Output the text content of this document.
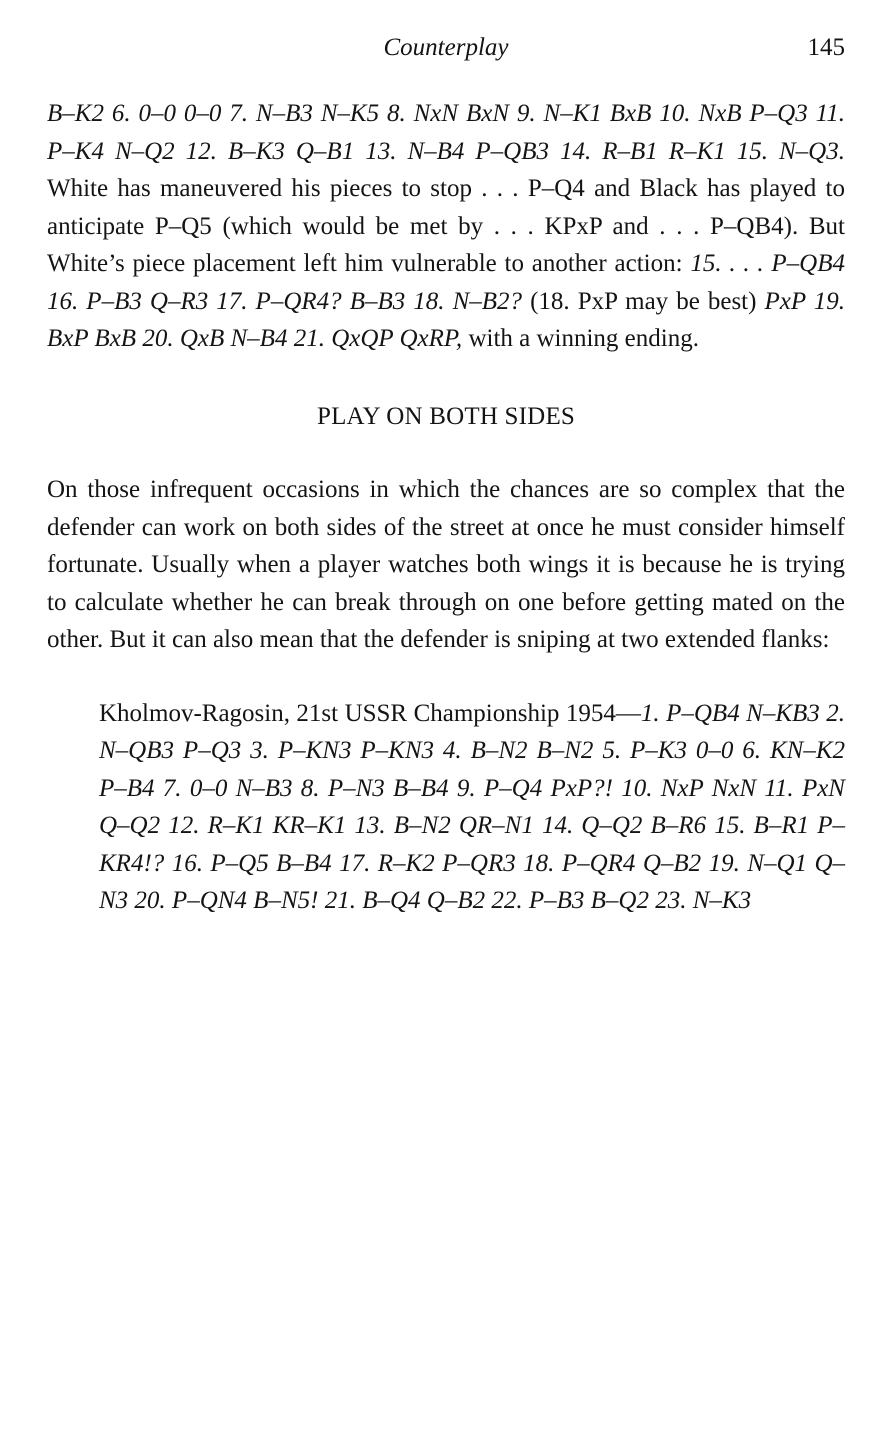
Counterplay	145

B–K2 6. 0–0 0–0 7. N–B3 N–K5 8. NxN BxN 9. N–K1 BxB 10. NxB P–Q3 11. P–K4 N–Q2 12. B–K3 Q–B1 13. N–B4 P–QB3 14. R–B1 R–K1 15. N–Q3. White has maneuvered his pieces to stop . . . P–Q4 and Black has played to anticipate P–Q5 (which would be met by . . . KPxP and . . . P–QB4). But White’s piece placement left him vulnerable to another action: 15. . . . P–QB4 16. P–B3 Q–R3 17. P–QR4? B–B3 18. N–B2? (18. PxP may be best) PxP 19. BxP BxB 20. QxB N–B4 21. QxQP QxRP, with a winning ending.

PLAY ON BOTH SIDES

On those infrequent occasions in which the chances are so complex that the defender can work on both sides of the street at once he must consider himself fortunate. Usually when a player watches both wings it is because he is trying to calculate whether he can break through on one before getting mated on the other. But it can also mean that the defender is sniping at two extended flanks:

Kholmov-Ragosin, 21st USSR Championship 1954—1. P–QB4 N–KB3 2. N–QB3 P–Q3 3. P–KN3 P–KN3 4. B–N2 B–N2 5. P–K3 0–0 6. KN–K2 P–B4 7. 0–0 N–B3 8. P–N3 B–B4 9. P–Q4 PxP?! 10. NxP NxN 11. PxN Q–Q2 12. R–K1 KR–K1 13. B–N2 QR–N1 14. Q–Q2 B–R6 15. B–R1 P–KR4!? 16. P–Q5 B–B4 17. R–K2 P–QR3 18. P–QR4 Q–B2 19. N–Q1 Q–N3 20. P–QN4 B–N5! 21. B–Q4 Q–B2 22. P–B3 B–Q2 23. N–K3
